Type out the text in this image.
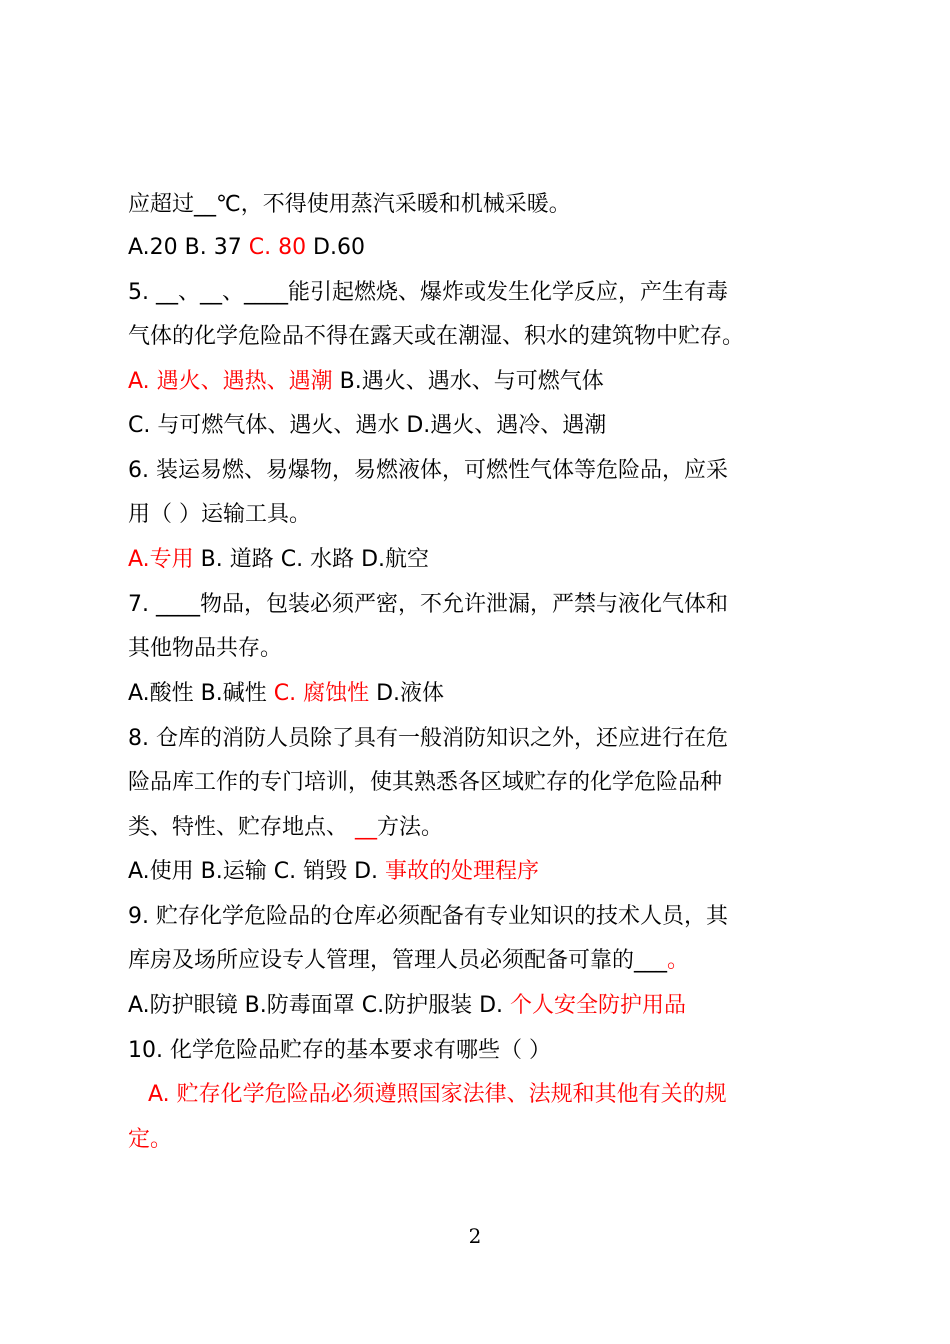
应超过__℃，不得使用蒸汽采暖和机械采暖。
A.20 B. 37 C. 80 D.60
5. __、__、____能引起燃烧、爆炸或发生化学反应，产生有毒
气体的化学危险品不得在露天或在潮湿、积水的建筑物中贮存。
A. 遇火、遇热、遇潮 B.遇火、遇水、与可燃气体
C. 与可燃气体、遇火、遇水 D.遇火、遇冷、遇潮
6. 装运易燃、易爆物，易燃液体，可燃性气体等危险品，应采
用（ ）运输工具。
A.专用 B. 道路 C. 水路 D.航空
7. ____物品，包装必须严密，不允许泄漏，严禁与液化气体和
其他物品共存。
A.酸性 B.碱性 C. 腐蚀性 D.液体
8. 仓库的消防人员除了具有一般消防知识之外，还应进行在危
险品库工作的专门培训，使其熟悉各区域贮存的化学危险品种
类、特性、贮存地点、 __方法。
A.使用 B.运输 C. 销毁 D. 事故的处理程序
9. 贮存化学危险品的仓库必须配备有专业知识的技术人员，其
库房及场所应设专人管理，管理人员必须配备可靠的___。
A.防护眼镜 B.防毒面罩 C.防护服装 D. 个人安全防护用品
10. 化学危险品贮存的基本要求有哪些（ ）
A. 贮存化学危险品必须遵照国家法律、法规和其他有关的规
定。
2
